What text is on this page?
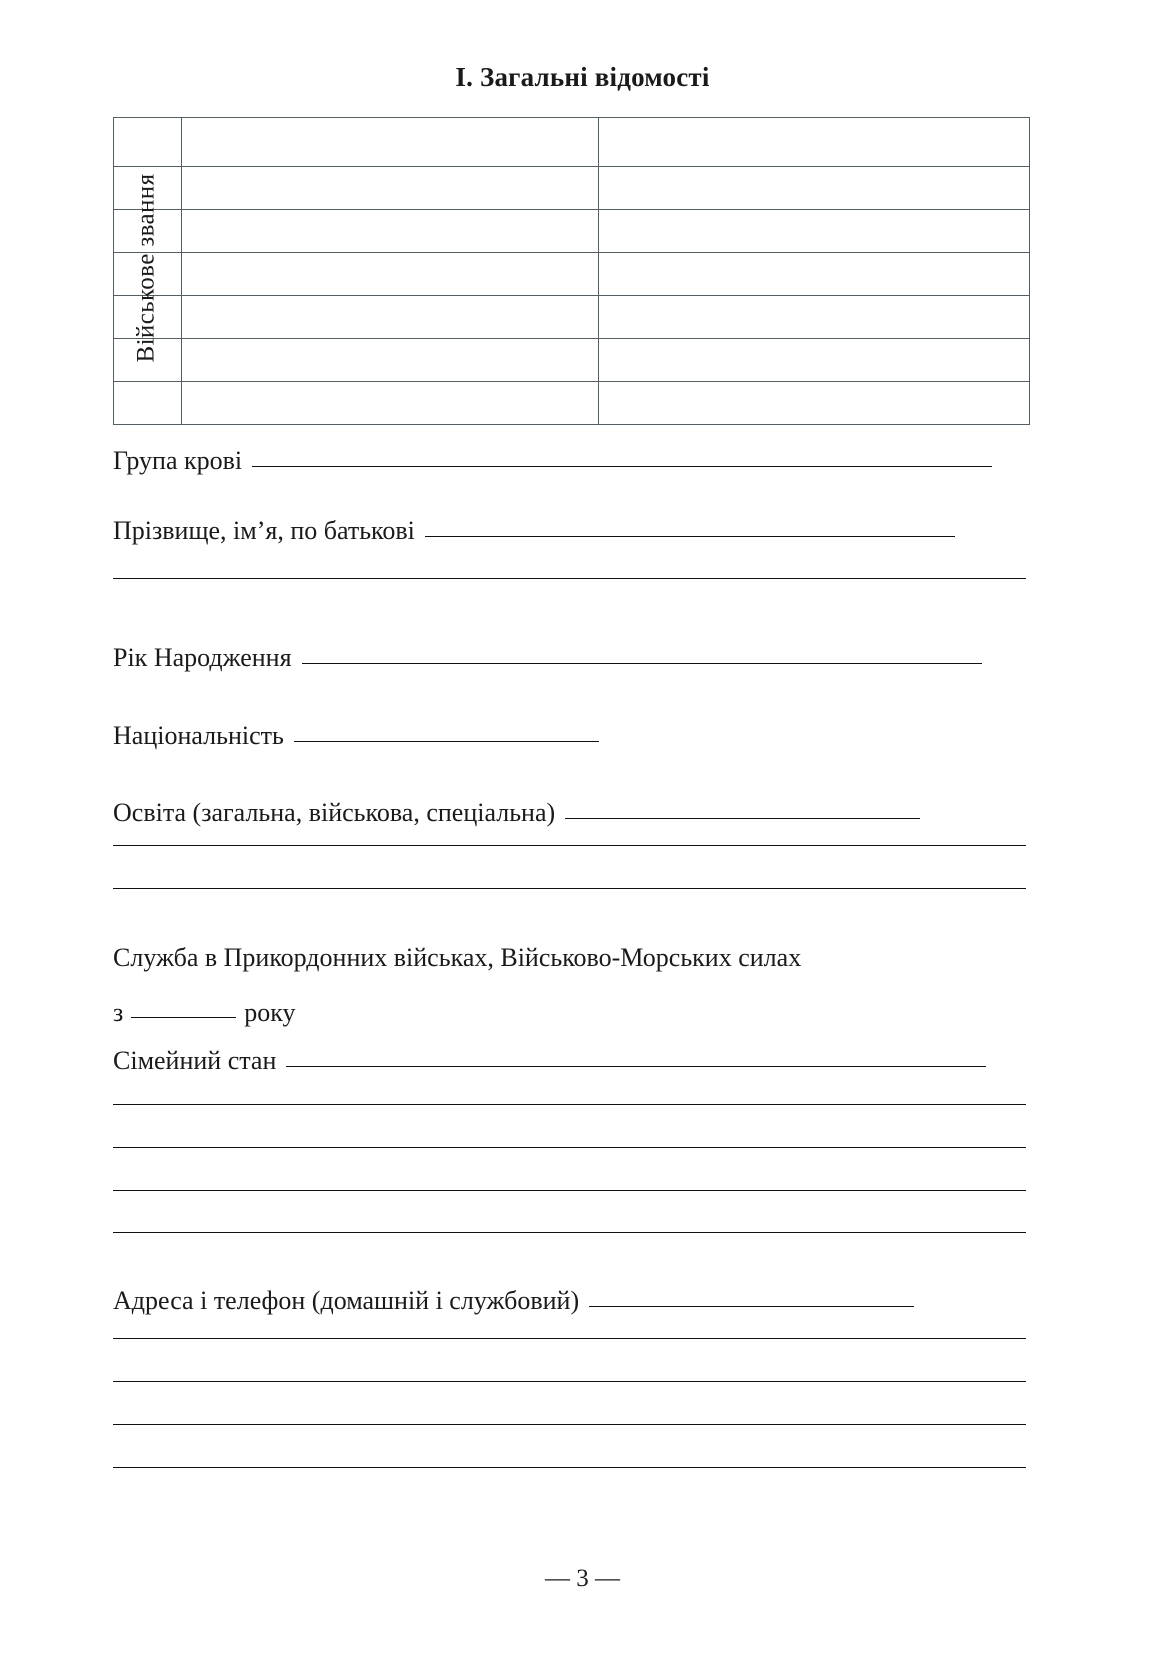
I. Загальні відомості

Військове звання
Група крові
Прізвище, ім’я, по батькові
Рік Народження
Національність
Освіта (загальна, військова, спеціальна)
Служба в Прикордонних військах, Військово-Морських силах
з	року
Сімейний стан
Адреса і телефон (домашній і службовий)
— 3 —
